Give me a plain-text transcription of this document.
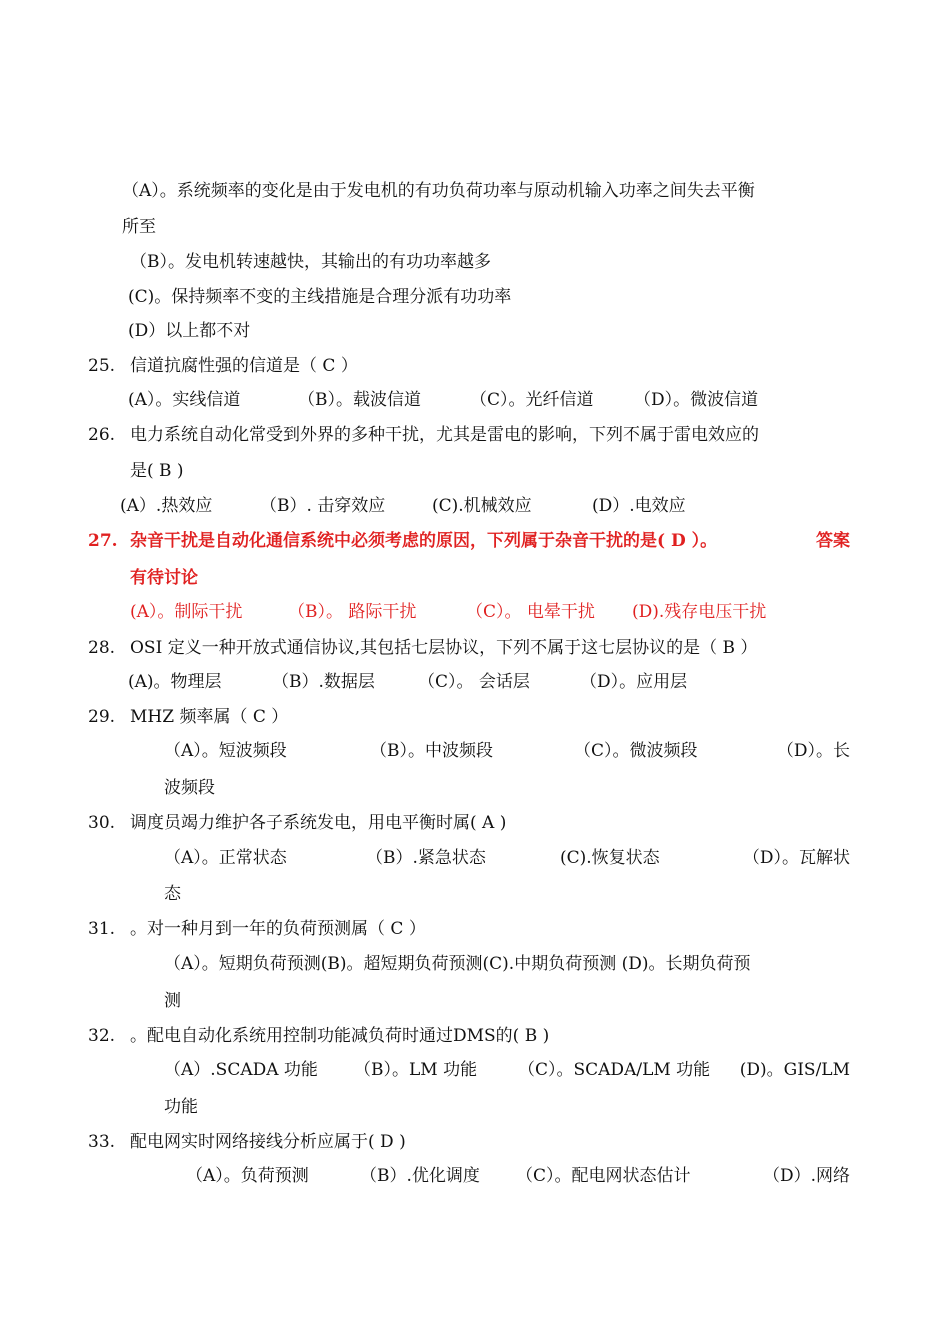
（A）。系统频率的变化是由于发电机的有功负荷功率与原动机输入功率之间失去平衡
所至
（B）。发电机转速越快，其输出的有功功率越多
(C)。保持频率不变的主线措施是合理分派有功功率
(D）以上都不对
25. 信道抗腐性强的信道是（ C ）
(A）。实线信道	（B）。载波信道	（C）。光纤信道 （D）。微波信道
26. 电力系统自动化常受到外界的多种干扰，尤其是雷电的影响，下列不属于雷电效应的
是( B )
(A）.热效应	（B）. 击穿效应	(C).机械效应	(D）.电效应
27. 杂音干扰是自动化通信系统中必须考虑的原因，下列属于杂音干扰的是( D ）。	答案
有待讨论
(A）。制际干扰	（B）。 路际干扰	（C）。 电晕干扰 (D).残存电压干扰
28. OSI 定义一种开放式通信协议,其包括七层协议，下列不属于这七层协议的是（ B ）
(A)。物理层	（B）.数据层	（C）。 会话层	（D）。应用层
29. MHZ 频率属（ C ）
（A）。短波频段	（B）。中波频段	（C）。微波频段	（D）。长
波频段
30. 调度员竭力维护各子系统发电，用电平衡时属( A )
（A）。正常状态	（B）.紧急状态	(C).恢复状态	（D）。瓦解状
态
31. 。对一种月到一年的负荷预测属（ C ）
（A）。短期负荷预测(B)。超短期负荷预测(C).中期负荷预测 (D)。长期负荷预
测
32. 。配电自动化系统用控制功能减负荷时通过DMS的( B )
（A）.SCADA 功能 （B）。LM 功能 （C）。SCADA/LM 功能 (D)。GIS/LM
功能
33. 配电网实时网络接线分析应属于( D )
（A）。负荷预测	（B）.优化调度 （C）。配电网状态估计	（D）.网络
